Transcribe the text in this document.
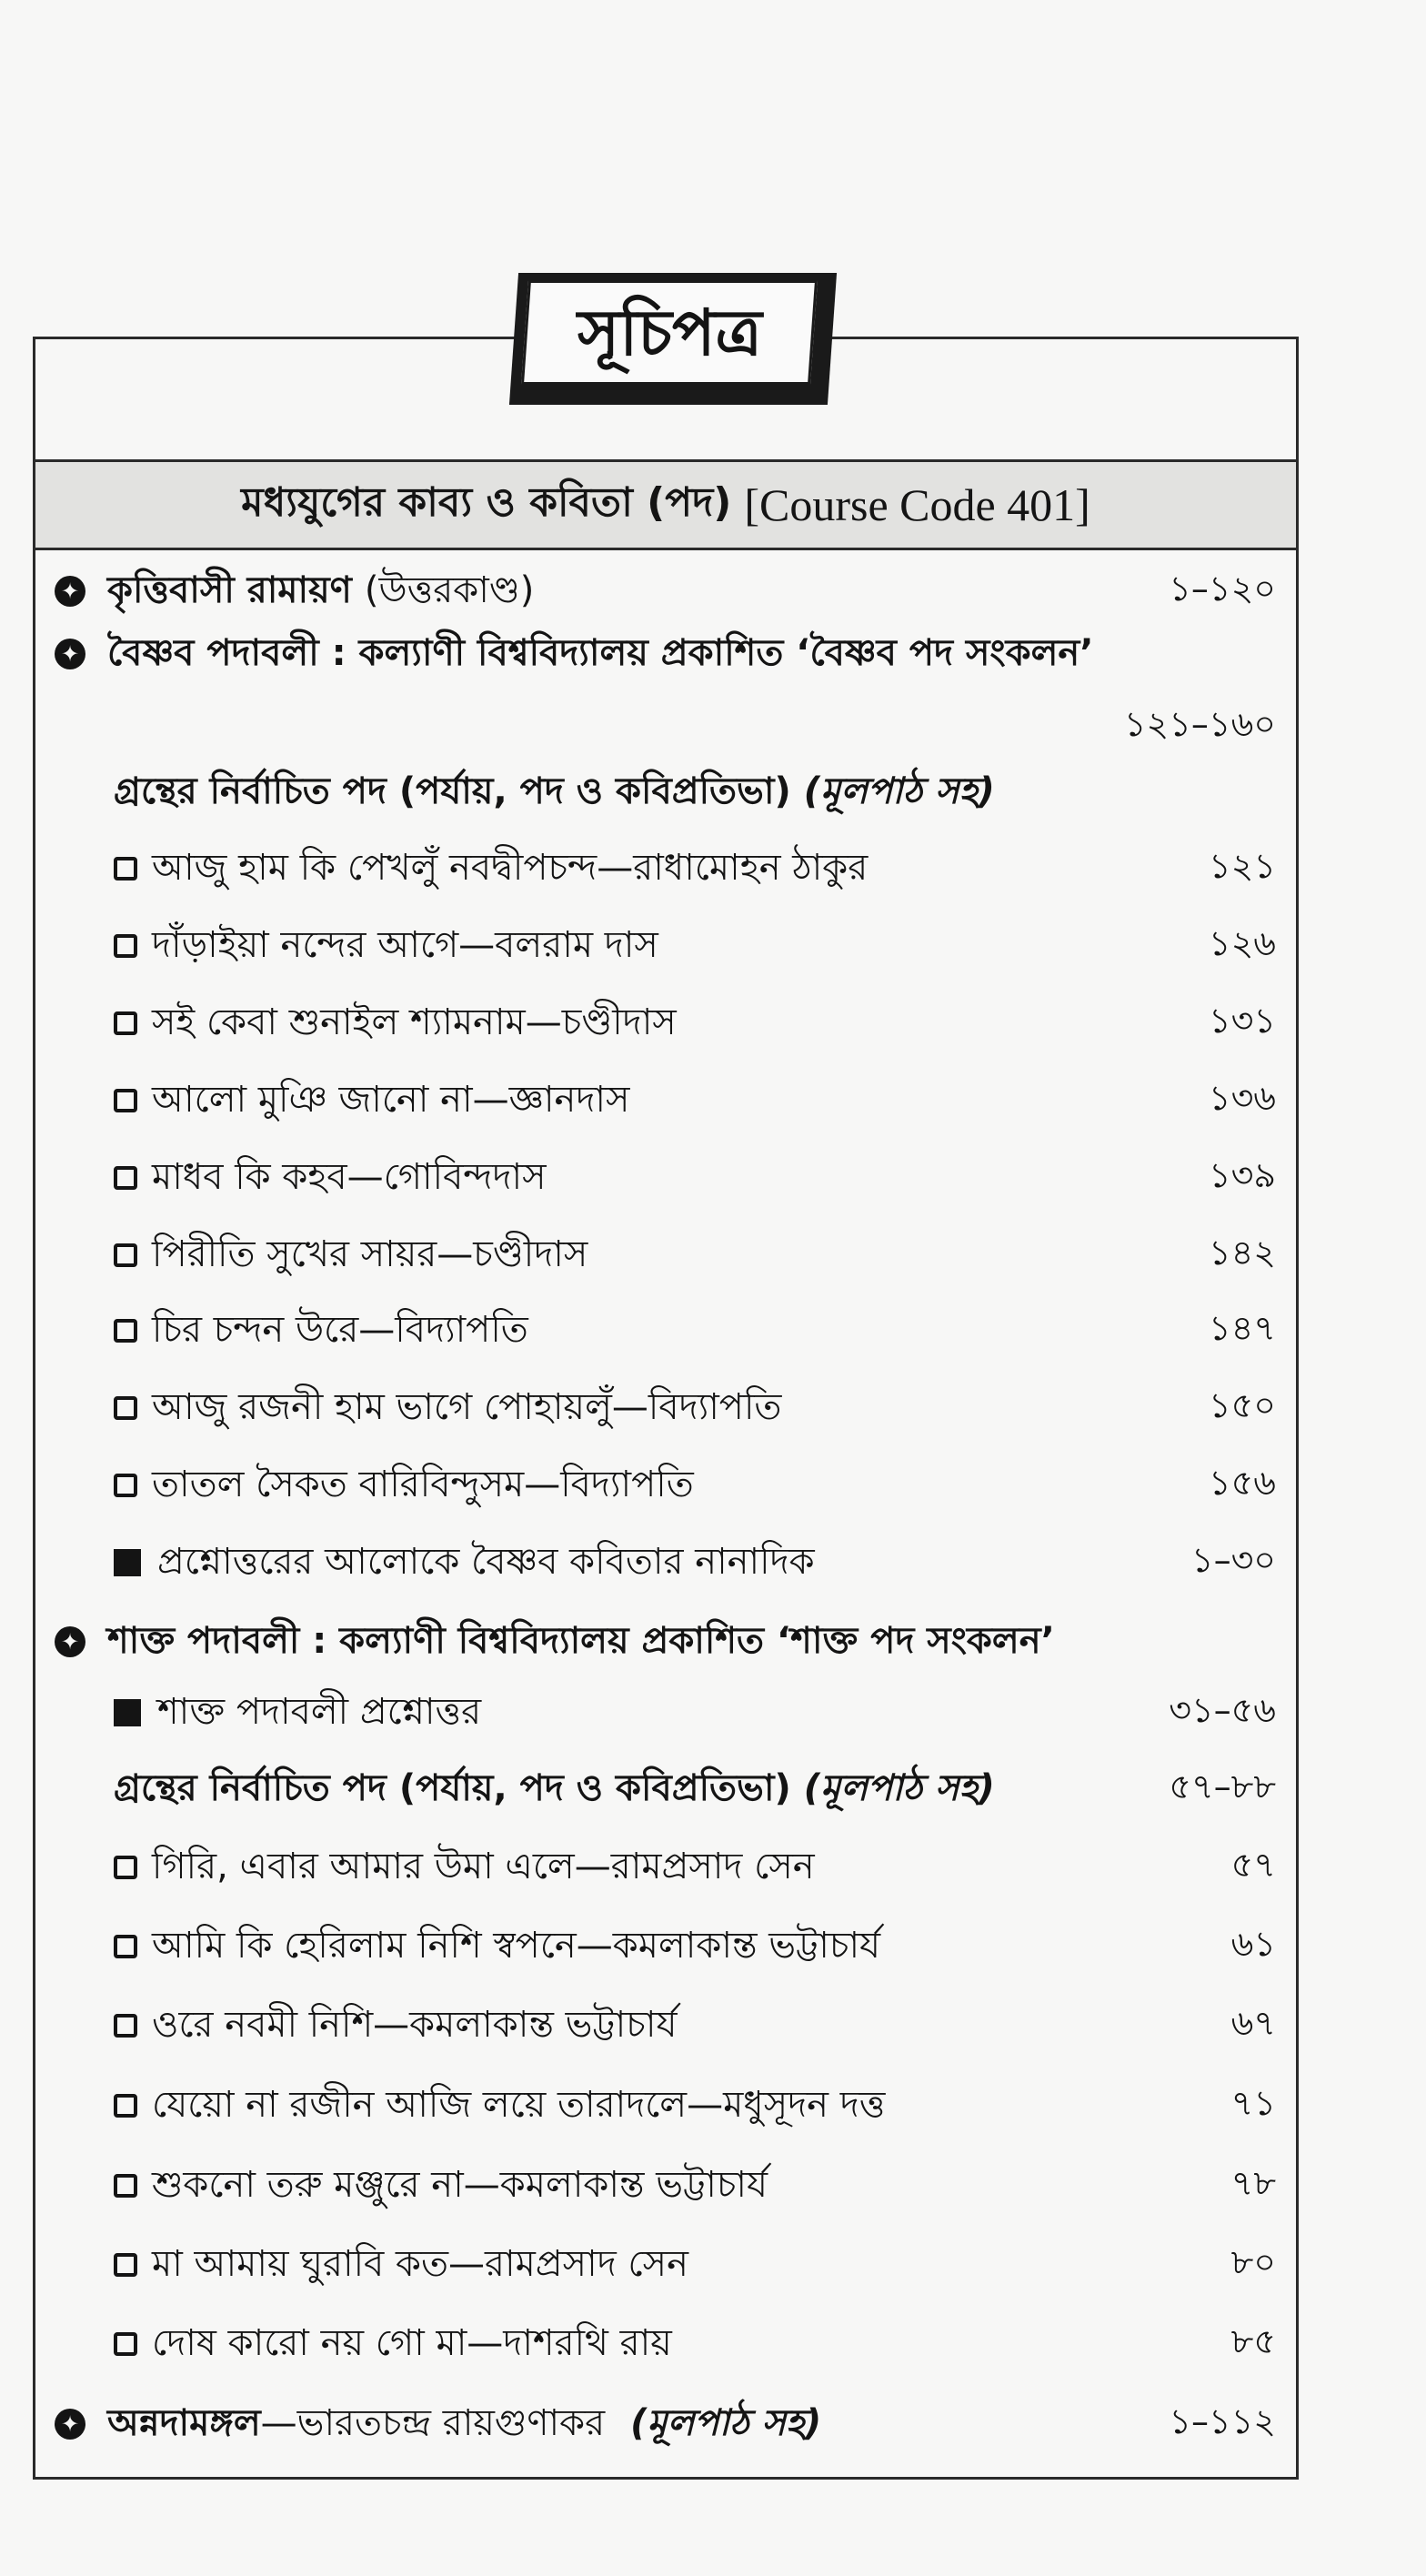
সূচিপত্র
মধ্যযুগের কাব্য ও কবিতা (পদ) [Course Code 401]
✦ কৃত্তিবাসী রামায়ণ (উত্তরকাণ্ড)	১–১২০
✦ বৈষ্ণব পদাবলী : কল্যাণী বিশ্ববিদ্যালয় প্রকাশিত ‘বৈষ্ণব পদ সংকলন’
১২১–১৬০
গ্রন্থের নির্বাচিত পদ (পর্যায়, পদ ও কবিপ্রতিভা) (মূলপাঠ সহ)
আজু হাম কি পেখলুঁ নবদ্বীপচন্দ—রাধামোহন ঠাকুর	১২১
দাঁড়াইয়া নন্দের আগে—বলরাম দাস	১২৬
সই কেবা শুনাইল শ্যামনাম—চণ্ডীদাস	১৩১
আলো মুঞি জানো না—জ্ঞানদাস	১৩৬
মাধব কি কহব—গোবিন্দদাস	১৩৯
পিরীতি সুখের সায়র—চণ্ডীদাস	১৪২
চির চন্দন উরে—বিদ্যাপতি	১৪৭
আজু রজনী হাম ভাগে পোহায়লুঁ—বিদ্যাপতি	১৫০
তাতল সৈকত বারিবিন্দুসম—বিদ্যাপতি	১৫৬
প্রশ্নোত্তরের আলোকে বৈষ্ণব কবিতার নানাদিক	১–৩০
✦ শাক্ত পদাবলী : কল্যাণী বিশ্ববিদ্যালয় প্রকাশিত ‘শাক্ত পদ সংকলন’
শাক্ত পদাবলী প্রশ্নোত্তর	৩১–৫৬
গ্রন্থের নির্বাচিত পদ (পর্যায়, পদ ও কবিপ্রতিভা) (মূলপাঠ সহ)	৫৭–৮৮
গিরি, এবার আমার উমা এলে—রামপ্রসাদ সেন	৫৭
আমি কি হেরিলাম নিশি স্বপনে—কমলাকান্ত ভট্টাচার্য	৬১
ওরে নবমী নিশি—কমলাকান্ত ভট্টাচার্য	৬৭
যেয়ো না রজীন আজি লয়ে তারাদলে—মধুসূদন দত্ত	৭১
শুকনো তরু মঞ্জুরে না—কমলাকান্ত ভট্টাচার্য	৭৮
মা আমায় ঘুরাবি কত—রামপ্রসাদ সেন	৮০
দোষ কারো নয় গো মা—দাশরথি রায়	৮৫
✦ অন্নদামঙ্গল —ভারতচন্দ্র রায়গুণাকর (মূলপাঠ সহ)	১–১১২
